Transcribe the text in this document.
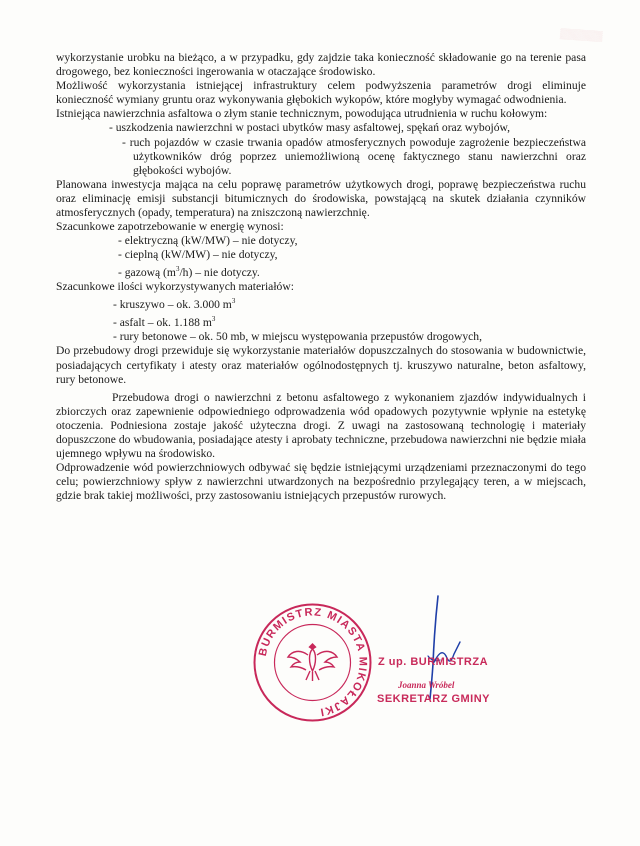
▒▒▒▒▒▒

wykorzystanie urobku na bieżąco, a w przypadku, gdy zajdzie taka konieczność składowanie go na terenie pasa drogowego, bez konieczności ingerowania w otaczające środowisko.

Możliwość wykorzystania istniejącej infrastruktury celem podwyższenia parametrów drogi eliminuje konieczność wymiany gruntu oraz wykonywania głębokich wykopów, które mogłyby wymagać odwodnienia.

Istniejąca nawierzchnia asfaltowa o złym stanie technicznym, powodująca utrudnienia w ruchu kołowym:

- uszkodzenia nawierzchni w postaci ubytków masy asfaltowej, spękań oraz wybojów,

- ruch pojazdów w czasie trwania opadów atmosferycznych powoduje zagrożenie bezpieczeństwa użytkowników dróg poprzez uniemożliwioną ocenę faktycznego stanu nawierzchni oraz głębokości wybojów.

Planowana inwestycja mająca na celu poprawę parametrów użytkowych drogi, poprawę bezpieczeństwa ruchu oraz eliminację emisji substancji bitumicznych do środowiska, powstającą na skutek działania czynników atmosferycznych (opady, temperatura) na zniszczoną nawierzchnię.

Szacunkowe zapotrzebowanie w energię wynosi:

- elektryczną (kW/MW) – nie dotyczy,

- cieplną (kW/MW) – nie dotyczy,

- gazową $(m^3/h)$ – nie dotyczy.

Szacunkowe ilości wykorzystywanych materiałów:

- kruszywo – ok. 3.000 $m^3$

- asfalt – ok. 1.188 $m^3$

- rury betonowe – ok. 50 mb, w miejscu występowania przepustów drogowych,

Do przebudowy drogi przewiduje się wykorzystanie materiałów dopuszczalnych do stosowania w budownictwie, posiadających certyfikaty i atesty oraz materiałów ogólnodostępnych tj. kruszywo naturalne, beton asfaltowy, rury betonowe.

Przebudowa drogi o nawierzchni z betonu asfaltowego z wykonaniem zjazdów indywidualnych i zbiorczych oraz zapewnienie odpowiedniego odprowadzenia wód opadowych pozytywnie wpłynie na estetykę otoczenia. Podniesiona zostaje jakość użyteczna drogi. Z uwagi na zastosowaną technologię i materiały dopuszczone do wbudowania, posiadające atesty i aprobaty techniczne, przebudowa nawierzchni nie będzie miała ujemnego wpływu na środowisko.

Odprowadzenie wód powierzchniowych odbywać się będzie istniejącymi urządzeniami przeznaczonymi do tego celu; powierzchniowy spływ z nawierzchni utwardzonych na bezpośrednio przylegający teren, a w miejscach, gdzie brak takiej możliwości, przy zastosowaniu istniejących przepustów rurowych.

BURMISTRZ MIASTA MIKOŁAJKI
Z up. BURMISTRZA
Joanna Wróbel
SEKRETARZ GMINY
